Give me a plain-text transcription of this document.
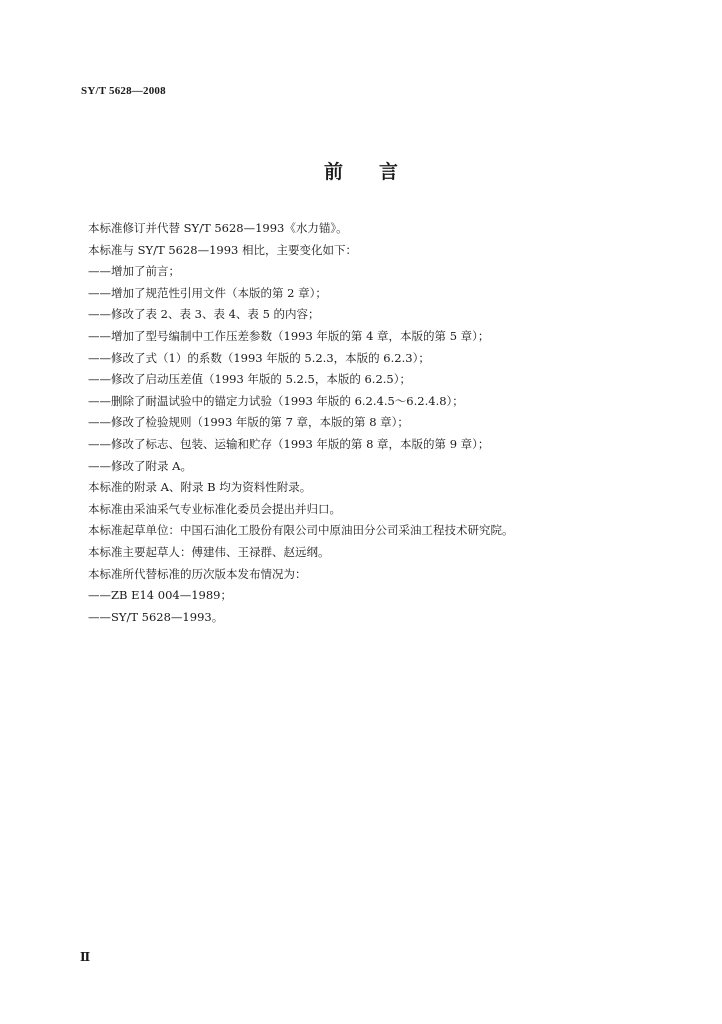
SY/T 5628—2008
前 言
本标准修订并代替 SY/T 5628—1993《水力锚》。
本标准与 SY/T 5628—1993 相比，主要变化如下：
——增加了前言；
——增加了规范性引用文件（本版的第 2 章）；
——修改了表 2、表 3、表 4、表 5 的内容；
——增加了型号编制中工作压差参数（1993 年版的第 4 章，本版的第 5 章）；
——修改了式（1）的系数（1993 年版的 5.2.3，本版的 6.2.3）；
——修改了启动压差值（1993 年版的 5.2.5，本版的 6.2.5）；
——删除了耐温试验中的锚定力试验（1993 年版的 6.2.4.5～6.2.4.8）；
——修改了检验规则（1993 年版的第 7 章，本版的第 8 章）；
——修改了标志、包装、运输和贮存（1993 年版的第 8 章，本版的第 9 章）；
——修改了附录 A。
本标准的附录 A、附录 B 均为资料性附录。
本标准由采油采气专业标准化委员会提出并归口。
本标准起草单位：中国石油化工股份有限公司中原油田分公司采油工程技术研究院。
本标准主要起草人：傅建伟、王禄群、赵远纲。
本标准所代替标准的历次版本发布情况为：
——ZB E14 004—1989；
——SY/T 5628—1993。
Ⅱ
